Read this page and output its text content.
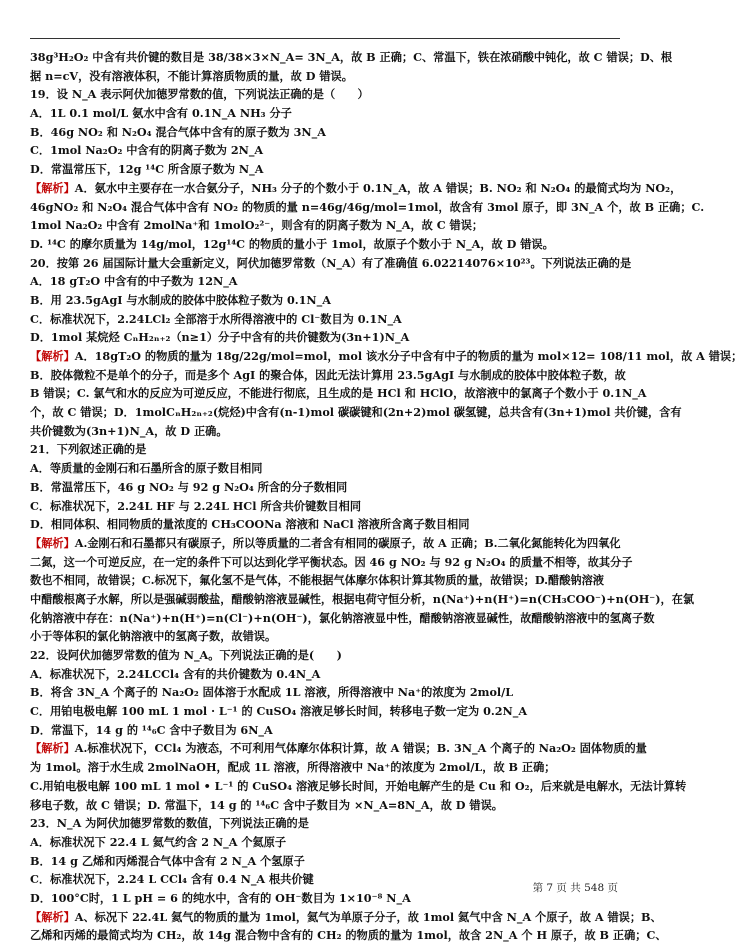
38g³H₂O₂ 中含有共价键的数目是 38/38×3×N_A= 3N_A，故 B 正确；C、常温下，铁在浓硝酸中钝化，故 C 错误；D、根
据 n=cV，没有溶液体积，不能计算溶质物质的量，故 D 错误。
19．设 N_A 表示阿伏加德罗常数的值，下列说法正确的是（　　）
A．1L 0.1 mol/L 氨水中含有 0.1N_A NH₃ 分子
B．46g NO₂ 和 N₂O₄ 混合气体中含有的原子数为 3N_A
C．1mol Na₂O₂ 中含有的阴离子数为 2N_A
D．常温常压下，12g ¹⁴C 所含原子数为 N_A
【解析】A．氨水中主要存在一水合氨分子，NH₃ 分子的个数小于 0.1N_A，故 A 错误；B. NO₂ 和 N₂O₄ 的最简式均为 NO₂，
46gNO₂ 和 N₂O₄ 混合气体中含有 NO₂ 的物质的量 n=46g/46g/mol=1mol，故含有 3mol 原子，即 3N_A 个，故 B 正确；C.
1mol Na₂O₂ 中含有 2molNa⁺和 1molO₂²⁻，则含有的阴离子数为 N_A，故 C 错误；
D. ¹⁴C 的摩尔质量为 14g/mol，12g¹⁴C 的物质的量小于 1mol，故原子个数小于 N_A，故 D 错误。
20．按第 26 届国际计量大会重新定义，阿伏加德罗常数（N_A）有了准确值 6.02214076×10²³。下列说法正确的是
A．18 gT₂O 中含有的中子数为 12N_A
B．用 23.5gAgI 与水制成的胶体中胶体粒子数为 0.1N_A
C．标准状况下，2.24LCl₂ 全部溶于水所得溶液中的 Cl⁻数目为 0.1N_A
D．1mol 某烷烃 CₙH₂ₙ₊₂（n≥1）分子中含有的共价键数为(3n+1)N_A
【解析】A．18gT₂O 的物质的量为 18g/22g/mol=mol，mol 该水分子中含有中子的物质的量为 mol×12= 108/11 mol，故 A 错误；
B．胶体微粒不是单个的分子，而是多个 AgI 的聚合体，因此无法计算用 23.5gAgI 与水制成的胶体中胶体粒子数，故
B 错误；C. 氯气和水的反应为可逆反应，不能进行彻底，且生成的是 HCl 和 HClO，故溶液中的氯离子个数小于 0.1N_A
个，故 C 错误；D．1molCₙH₂ₙ₊₂(烷烃)中含有(n-1)mol 碳碳键和(2n+2)mol 碳氢键，总共含有(3n+1)mol 共价键，含有
共价键数为(3n+1)N_A，故 D 正确。
21．下列叙述正确的是
A．等质量的金刚石和石墨所含的原子数目相同
B．常温常压下，46 g NO₂ 与 92 g N₂O₄ 所含的分子数相同
C．标准状况下，2.24L HF 与 2.24L HCl 所含共价键数目相同
D．相同体积、相同物质的量浓度的 CH₃COONa 溶液和 NaCl 溶液所含离子数目相同
【解析】A.金刚石和石墨都只有碳原子，所以等质量的二者含有相同的碳原子，故 A 正确；B.二氧化氮能转化为四氧化
二氮，这一个可逆反应，在一定的条件下可以达到化学平衡状态。因 46 g NO₂ 与 92 g N₂O₄ 的质量不相等，故其分子
数也不相同，故错误；C.标况下，氟化氢不是气体，不能根据气体摩尔体积计算其物质的量，故错误；D.醋酸钠溶液
中醋酸根离子水解，所以是强碱弱酸盐，醋酸钠溶液显碱性，根据电荷守恒分析，n(Na⁺)+n(H⁺)=n(CH₃COO⁻)+n(OH⁻)，在氯
化钠溶液中存在：n(Na⁺)+n(H⁺)=n(Cl⁻)+n(OH⁻)，氯化钠溶液显中性，醋酸钠溶液显碱性，故醋酸钠溶液中的氢离子数
小于等体积的氯化钠溶液中的氢离子数，故错误。
22．设阿伏加德罗常数的值为 N_A。下列说法正确的是(　　)
A．标准状况下，2.24LCCl₄ 含有的共价键数为 0.4N_A
B．将含 3N_A 个离子的 Na₂O₂ 固体溶于水配成 1L 溶液，所得溶液中 Na⁺的浓度为 2mol/L
C．用铂电极电解 100 mL 1 mol · L⁻¹ 的 CuSO₄ 溶液足够长时间，转移电子数一定为 0.2N_A
D．常温下，14 g 的 ¹⁴₆C 含中子数目为 6N_A
【解析】A.标准状况下，CCl₄ 为液态，不可利用气体摩尔体积计算，故 A 错误；B. 3N_A 个离子的 Na₂O₂ 固体物质的量
为 1mol。溶于水生成 2molNaOH，配成 1L 溶液，所得溶液中 Na⁺的浓度为 2mol/L，故 B 正确；
C.用铂电极电解 100 mL 1 mol • L⁻¹ 的 CuSO₄ 溶液足够长时间，开始电解产生的是 Cu 和 O₂，后来就是电解水，无法计算转
移电子数，故 C 错误；D. 常温下，14 g 的 ¹⁴₆C 含中子数目为 ×N_A=8N_A，故 D 错误。
23．N_A 为阿伏加德罗常数的数值，下列说法正确的是
A．标准状况下 22.4 L 氦气约含 2 N_A 个氦原子
B．14 g 乙烯和丙烯混合气体中含有 2 N_A 个氢原子
C．标准状况下，2.24 L CCl₄ 含有 0.4 N_A 根共价键
D．100°C时，1 L pH = 6 的纯水中，含有的 OH⁻数目为 1×10⁻⁸ N_A
【解析】A、标况下 22.4L 氦气的物质的量为 1mol，氦气为单原子分子，故 1mol 氦气中含 N_A 个原子，故 A 错误；B、
乙烯和丙烯的最简式均为 CH₂，故 14g 混合物中含有的 CH₂ 的物质的量为 1mol，故含 2N_A 个 H 原子，故 B 正确；C、
第 7 页 共 548 页
